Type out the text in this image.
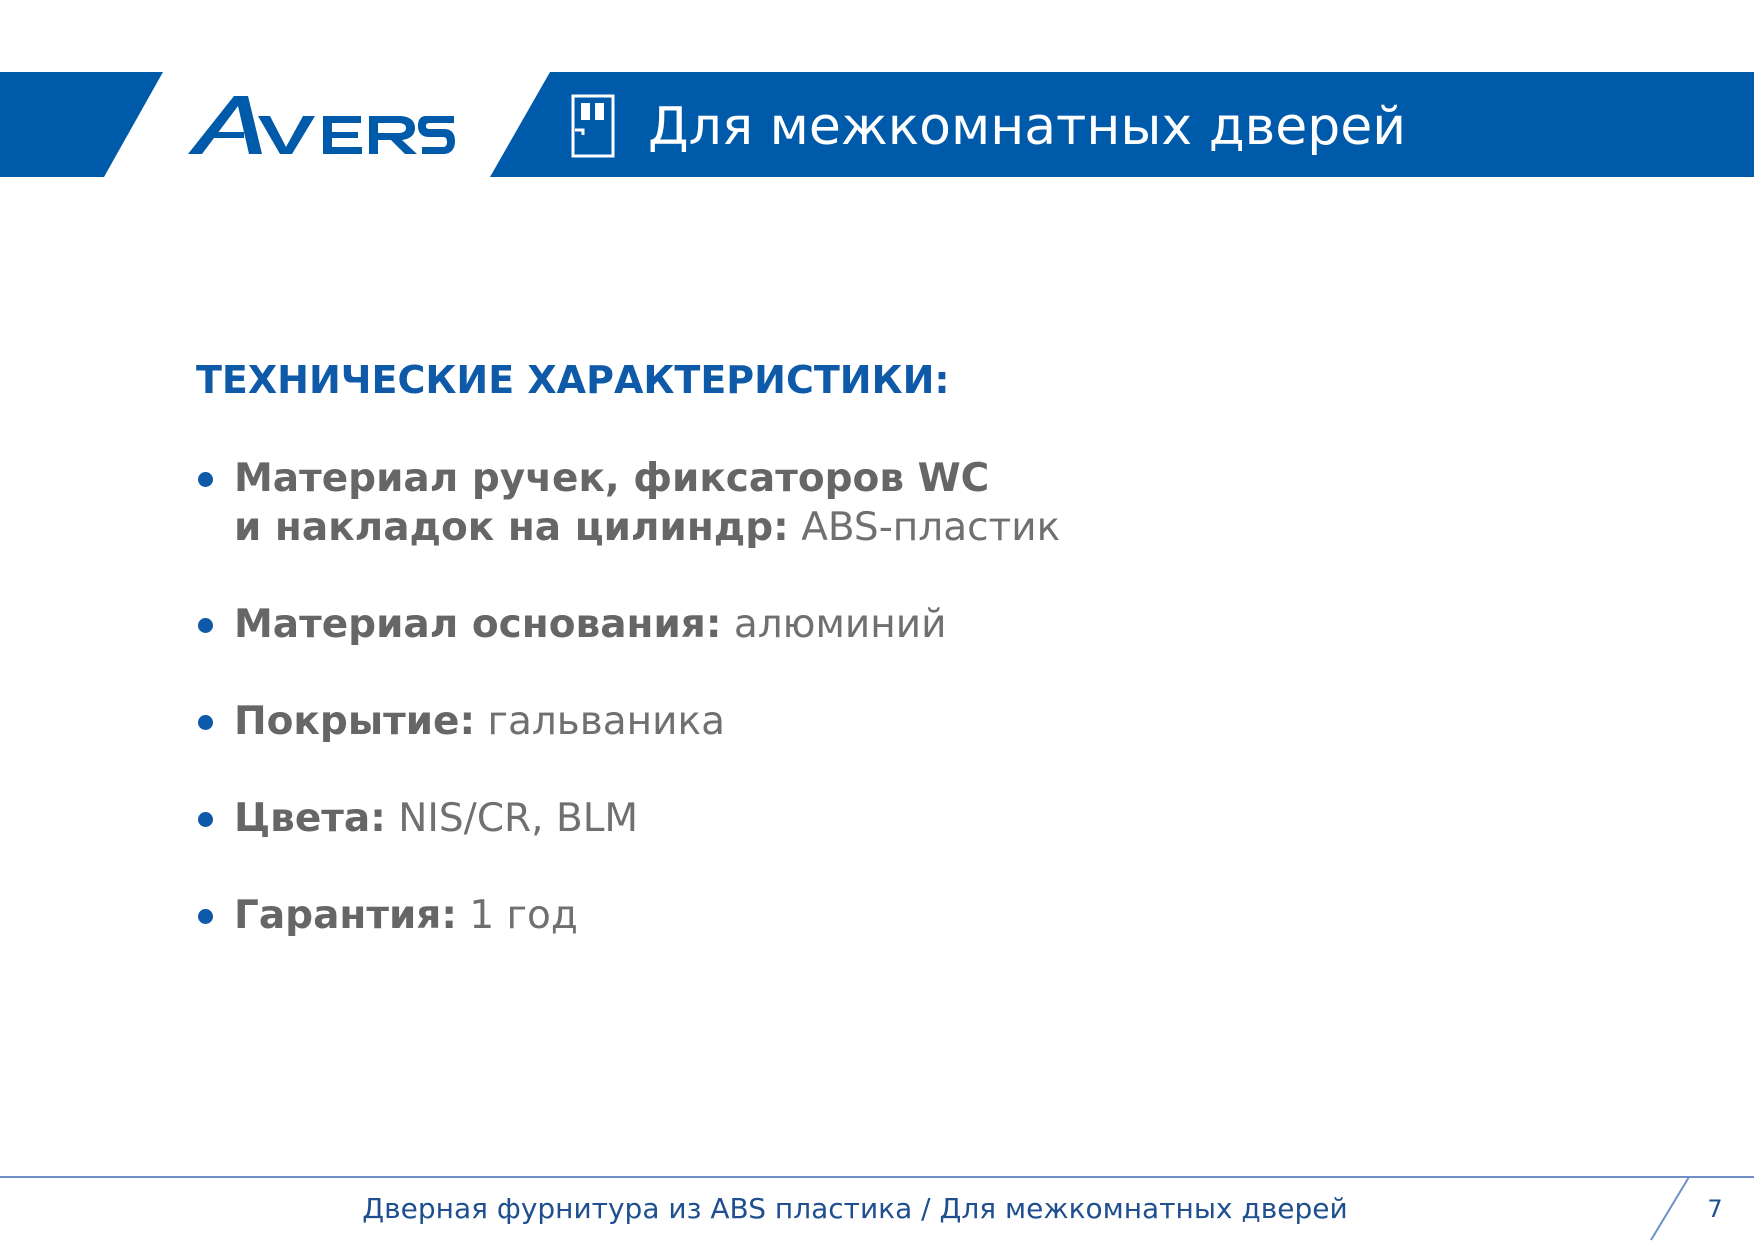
Для межкомнатных дверей
ТЕХНИЧЕСКИЕ ХАРАКТЕРИСТИКИ:
Материал ручек, фиксаторов WC
и накладок на цилиндр: ABS-пластик
Материал основания: алюминий
Покрытие: гальваника
Цвета: NIS/CR, BLM
Гарантия: 1 год
Дверная фурнитура из ABS пластика / Для межкомнатных дверей	7
